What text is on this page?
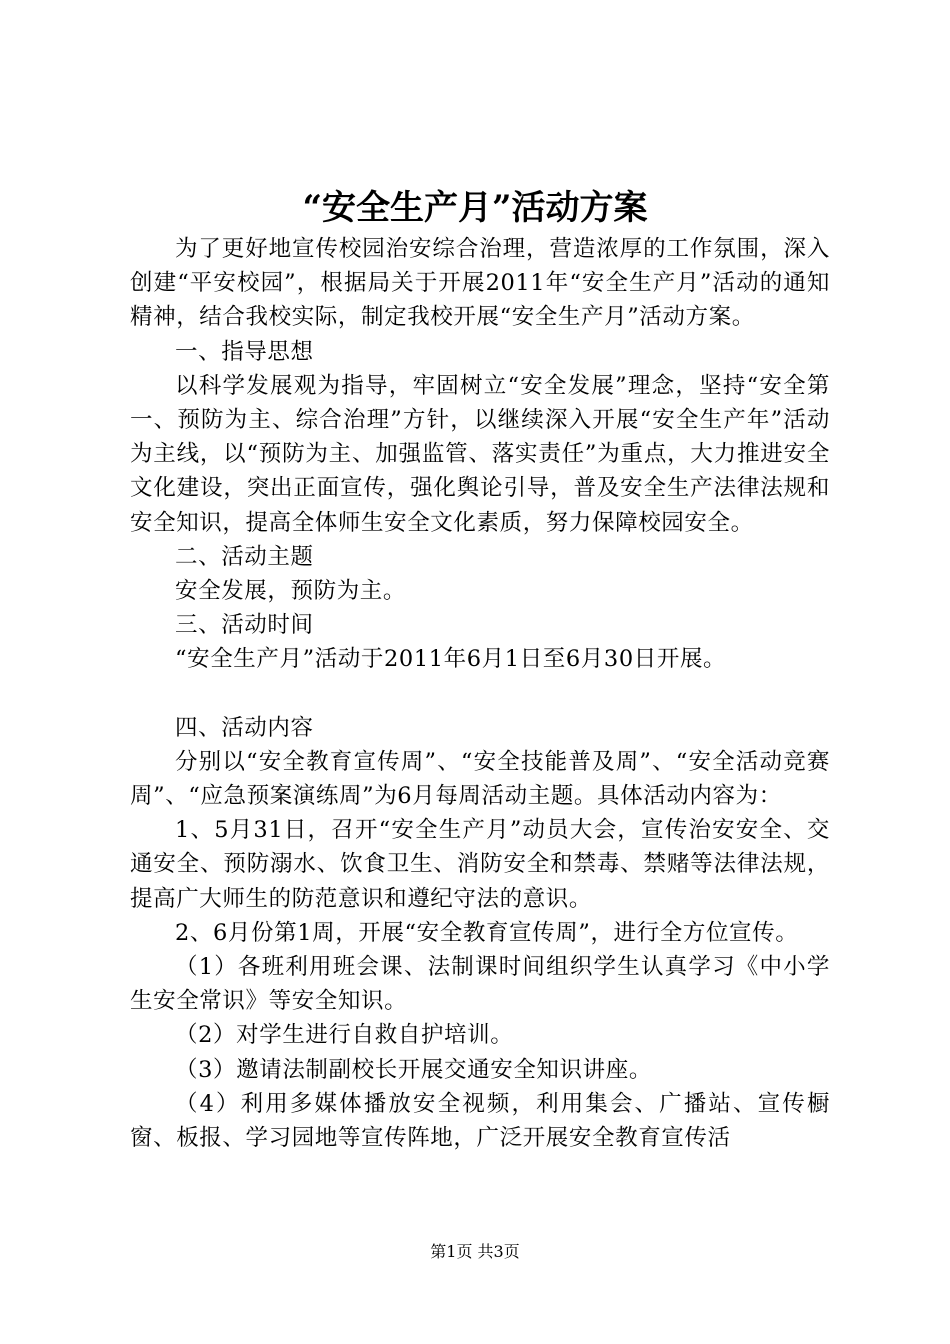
“安全生产月”活动方案

为了更好地宣传校园治安综合治理，营造浓厚的工作氛围，深入创建“平安校园”，根据局关于开展2011年“安全生产月”活动的通知精神，结合我校实际，制定我校开展“安全生产月”活动方案。

一、指导思想

以科学发展观为指导，牢固树立“安全发展”理念，坚持“安全第一、预防为主、综合治理”方针，以继续深入开展“安全生产年”活动为主线，以“预防为主、加强监管、落实责任”为重点，大力推进安全文化建设，突出正面宣传，强化舆论引导，普及安全生产法律法规和安全知识，提高全体师生安全文化素质，努力保障校园安全。

二、活动主题

安全发展，预防为主。

三、活动时间

“安全生产月”活动于2011年6月1日至6月30日开展。

四、活动内容

分别以“安全教育宣传周”、“安全技能普及周”、“安全活动竞赛周”、“应急预案演练周”为6月每周活动主题。具体活动内容为：

1、5月31日，召开“安全生产月”动员大会，宣传治安安全、交通安全、预防溺水、饮食卫生、消防安全和禁毒、禁赌等法律法规，提高广大师生的防范意识和遵纪守法的意识。

2、6月份第1周，开展“安全教育宣传周”，进行全方位宣传。

（1）各班利用班会课、法制课时间组织学生认真学习《中小学生安全常识》等安全知识。

（2）对学生进行自救自护培训。

（3）邀请法制副校长开展交通安全知识讲座。

（4）利用多媒体播放安全视频，利用集会、广播站、宣传橱窗、板报、学习园地等宣传阵地，广泛开展安全教育宣传活

第1页 共3页
